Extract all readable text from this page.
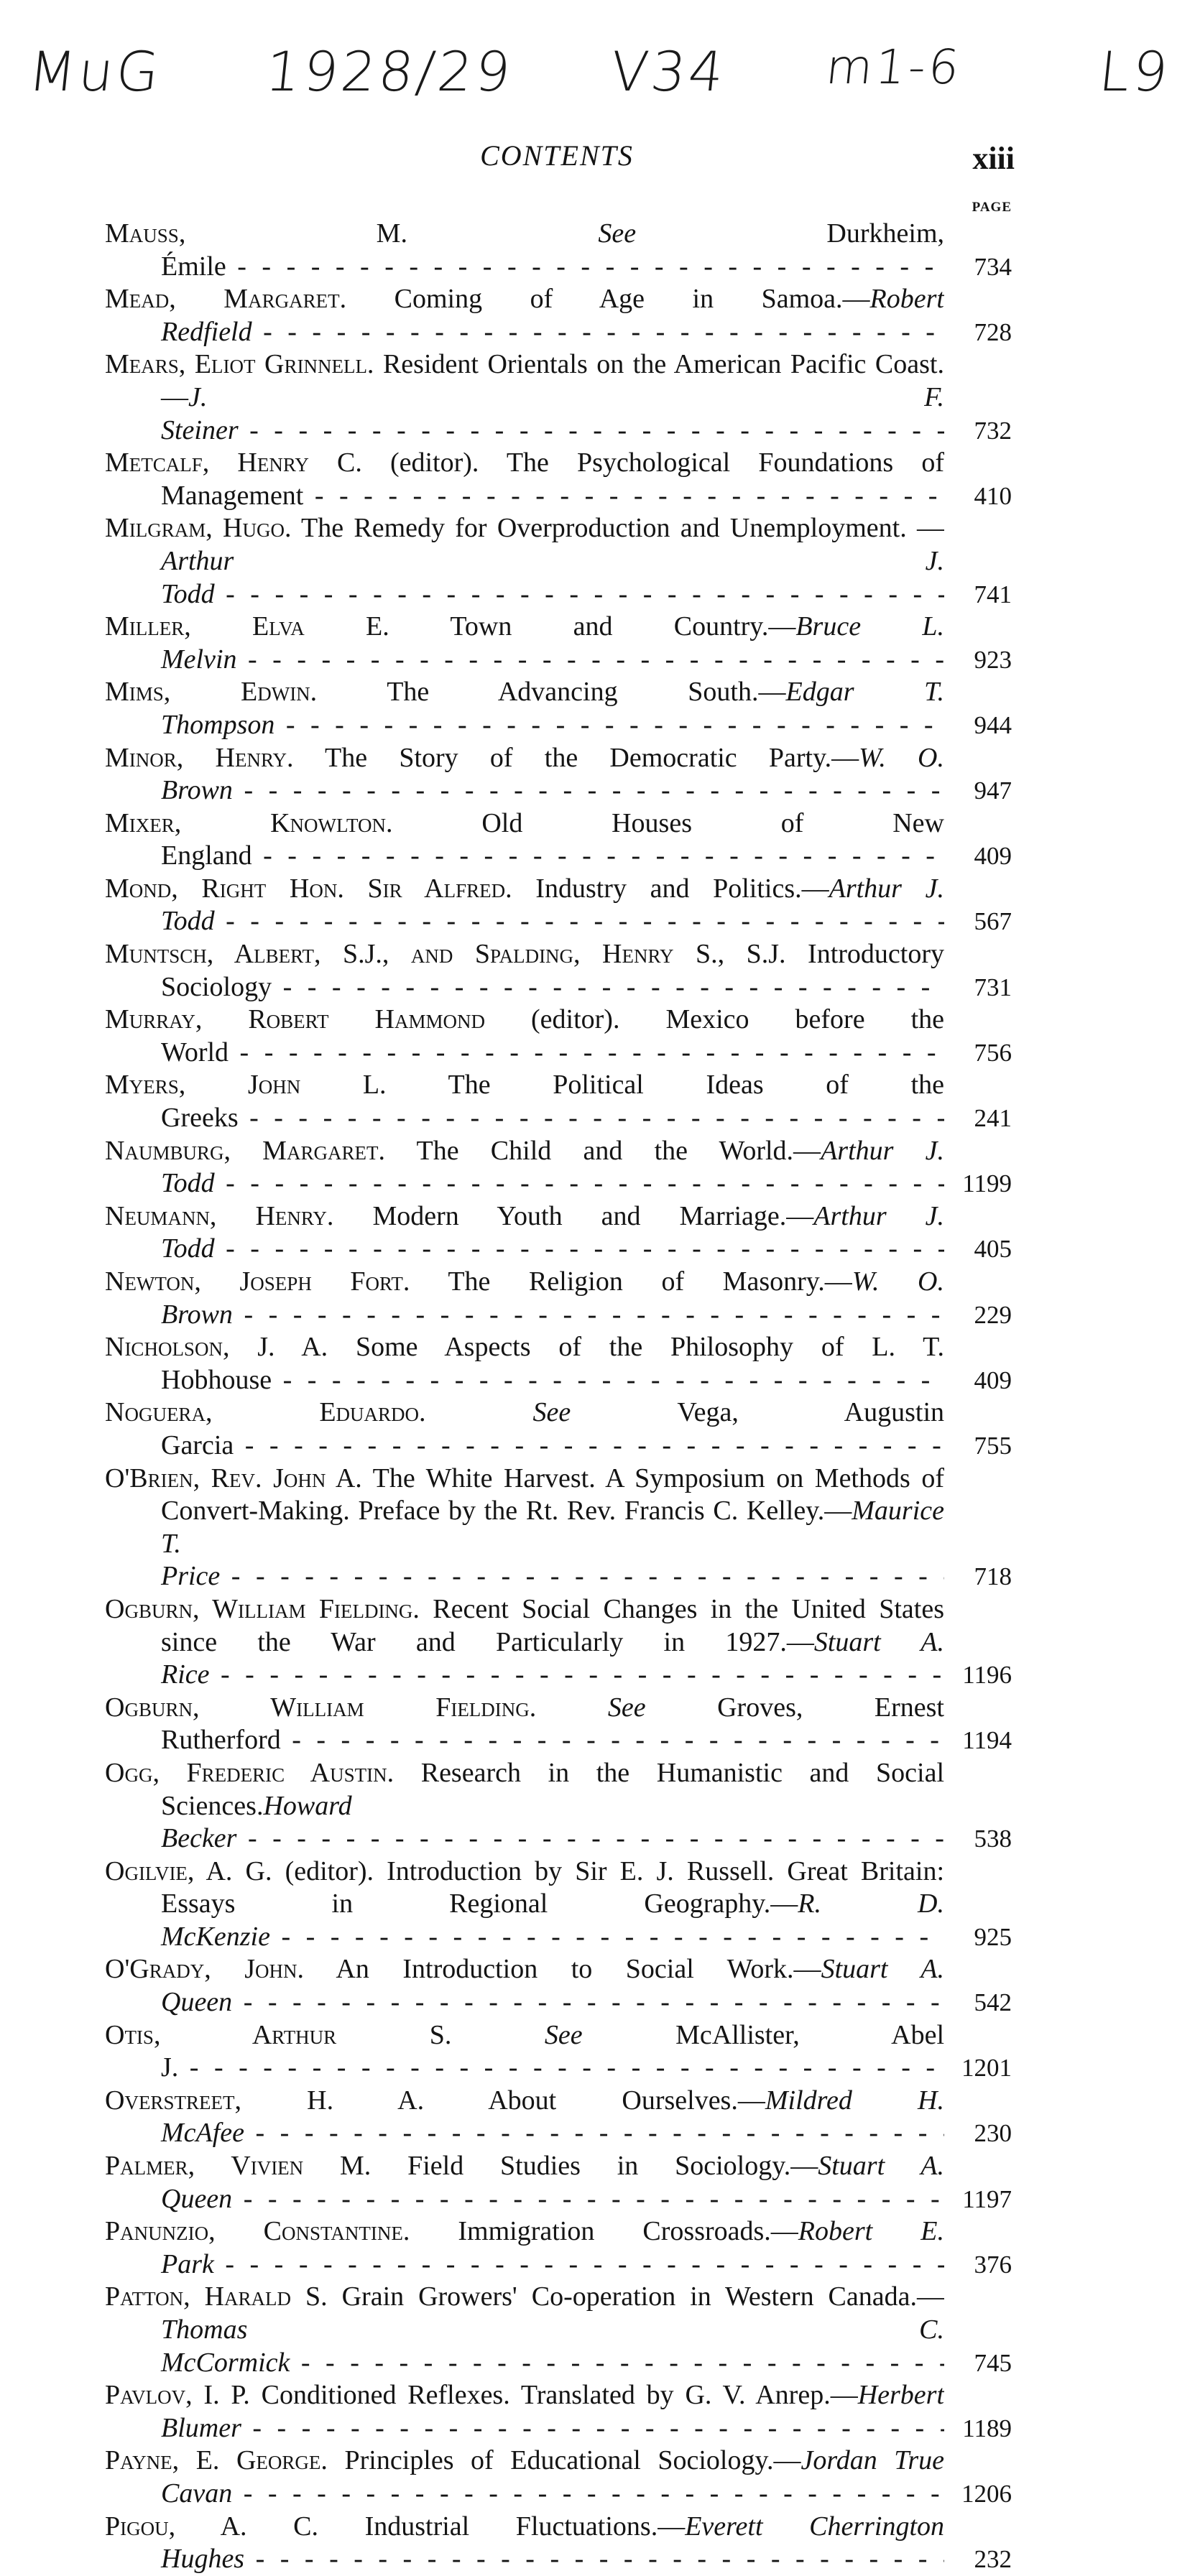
MuG 1928/29 V34 m1-6 L9
CONTENTS	xiii
PAGE
Mauss, M.	See Durkheim, Émile - - -	734
Mead, Margaret. Coming of Age in Samoa.—Robert Redfield - - -	728
Mears, Eliot Grinnell. Resident Orientals on the American Pacific Coast.—J. F. Steiner - - -	732
Metcalf, Henry C. (editor). The Psychological Foundations of Management - - -	410
Milgram, Hugo. The Remedy for Overproduction and Unemployment. —Arthur J. Todd - - -	741
Miller, Elva E. Town and Country.—Bruce L. Melvin - - -	923
Mims, Edwin. The Advancing South.—Edgar T. Thompson - - -	944
Minor, Henry. The Story of the Democratic Party.—W. O. Brown - - -	947
Mixer, Knowlton. Old Houses of New England - - -	409
Mond, Right Hon. Sir Alfred. Industry and Politics.—Arthur J. Todd - - -	567
Muntsch, Albert, S.J., and Spalding, Henry S., S.J. Introductory Sociology - - -	731
Murray, Robert Hammond (editor). Mexico before the World - - -	756
Myers, John L. The Political Ideas of the Greeks - - -	241
Naumburg, Margaret. The Child and the World.—Arthur J. Todd - - -	1199
Neumann, Henry. Modern Youth and Marriage.—Arthur J. Todd - - -	405
Newton, Joseph Fort. The Religion of Masonry.—W. O. Brown - - -	229
Nicholson, J. A. Some Aspects of the Philosophy of L. T. Hobhouse - - -	409
Noguera, Eduardo.	See Vega, Augustin Garcia - - -	755
O'Brien, Rev. John A. The White Harvest. A Symposium on Methods of Convert-Making. Preface by the Rt. Rev. Francis C. Kelley.—Maurice T. Price - - -	718
Ogburn, William Fielding. Recent Social Changes in the United States since the War and Particularly in 1927.—Stuart A. Rice - - -	1196
Ogburn, William Fielding.	See Groves, Ernest Rutherford - - -	1194
Ogg, Frederic Austin. Research in the Humanistic and Social Sciences.Howard Becker - - -	538
Ogilvie, A. G. (editor). Introduction by Sir E. J. Russell. Great Britain: Essays in Regional Geography.—R. D. McKenzie - - -	925
O'Grady, John. An Introduction to Social Work.—Stuart A. Queen - - -	542
Otis, Arthur S.	See McAllister, Abel J. - - -	1201
Overstreet, H. A. About Ourselves.—Mildred H. McAfee - - -	230
Palmer, Vivien M. Field Studies in Sociology.—Stuart A. Queen - - -	1197
Panunzio, Constantine. Immigration Crossroads.—Robert E. Park - - -	376
Patton, Harald S. Grain Growers' Co-operation in Western Canada.—Thomas C. McCormick - - -	745
Pavlov, I. P. Conditioned Reflexes. Translated by G. V. Anrep.—Herbert Blumer - - -	1189
Payne, E. George. Principles of Educational Sociology.—Jordan True Cavan - - -	1206
Pigou, A. C. Industrial Fluctuations.—Everett Cherrington Hughes - - -	232
